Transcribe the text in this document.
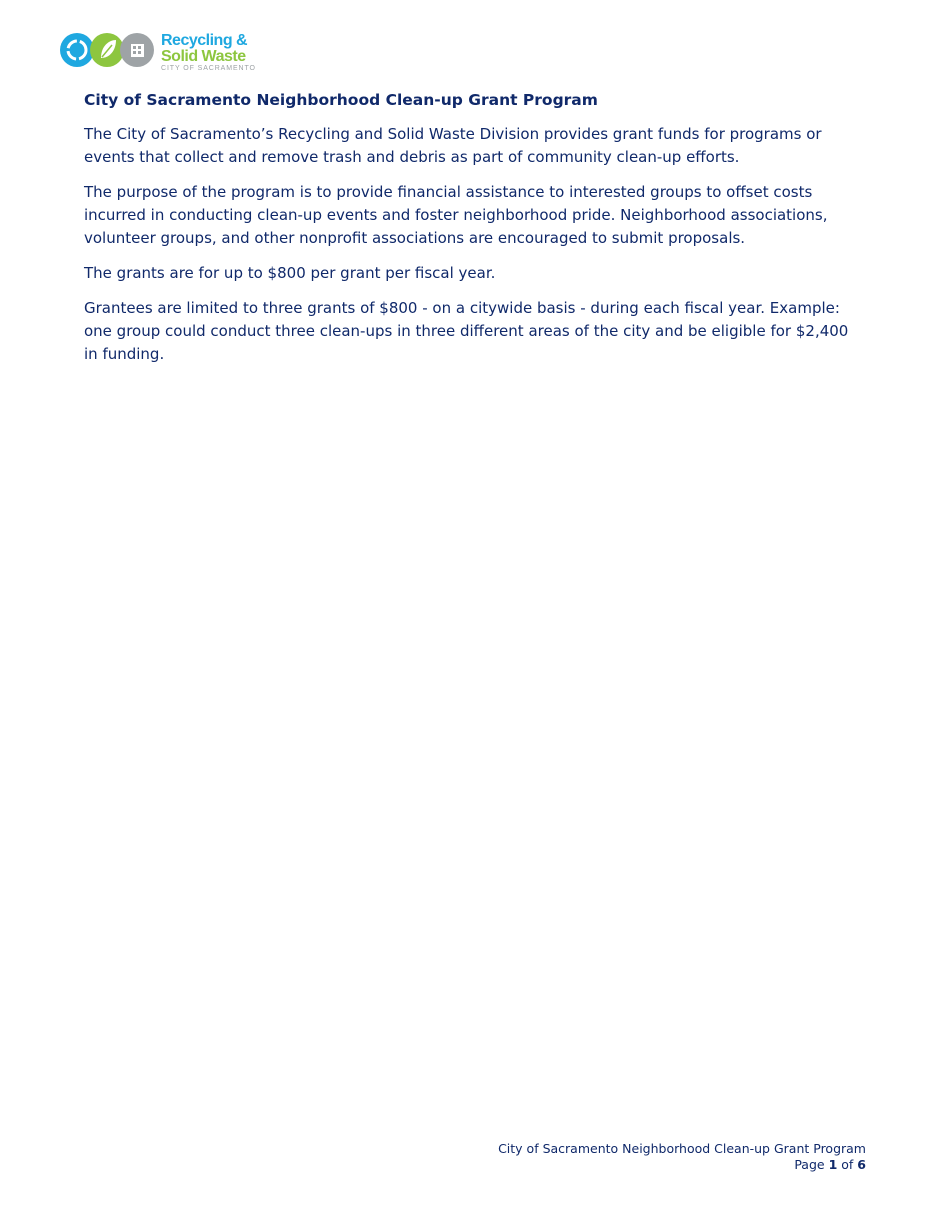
Recycling &
Solid Waste
CITY OF SACRAMENTO

City of Sacramento Neighborhood Clean-up Grant Program

The City of Sacramento’s Recycling and Solid Waste Division provides grant funds for programs or events that collect and remove trash and debris as part of community clean-up efforts.

The purpose of the program is to provide financial assistance to interested groups to offset costs incurred in conducting clean-up events and foster neighborhood pride. Neighborhood associations, volunteer groups, and other nonprofit associations are encouraged to submit proposals.

The grants are for up to $800 per grant per fiscal year.

Grantees are limited to three grants of $800 - on a citywide basis - during each fiscal year. Example: one group could conduct three clean-ups in three different areas of the city and be eligible for $2,400 in funding.

City of Sacramento Neighborhood Clean-up Grant Program
Page 1 of 6
